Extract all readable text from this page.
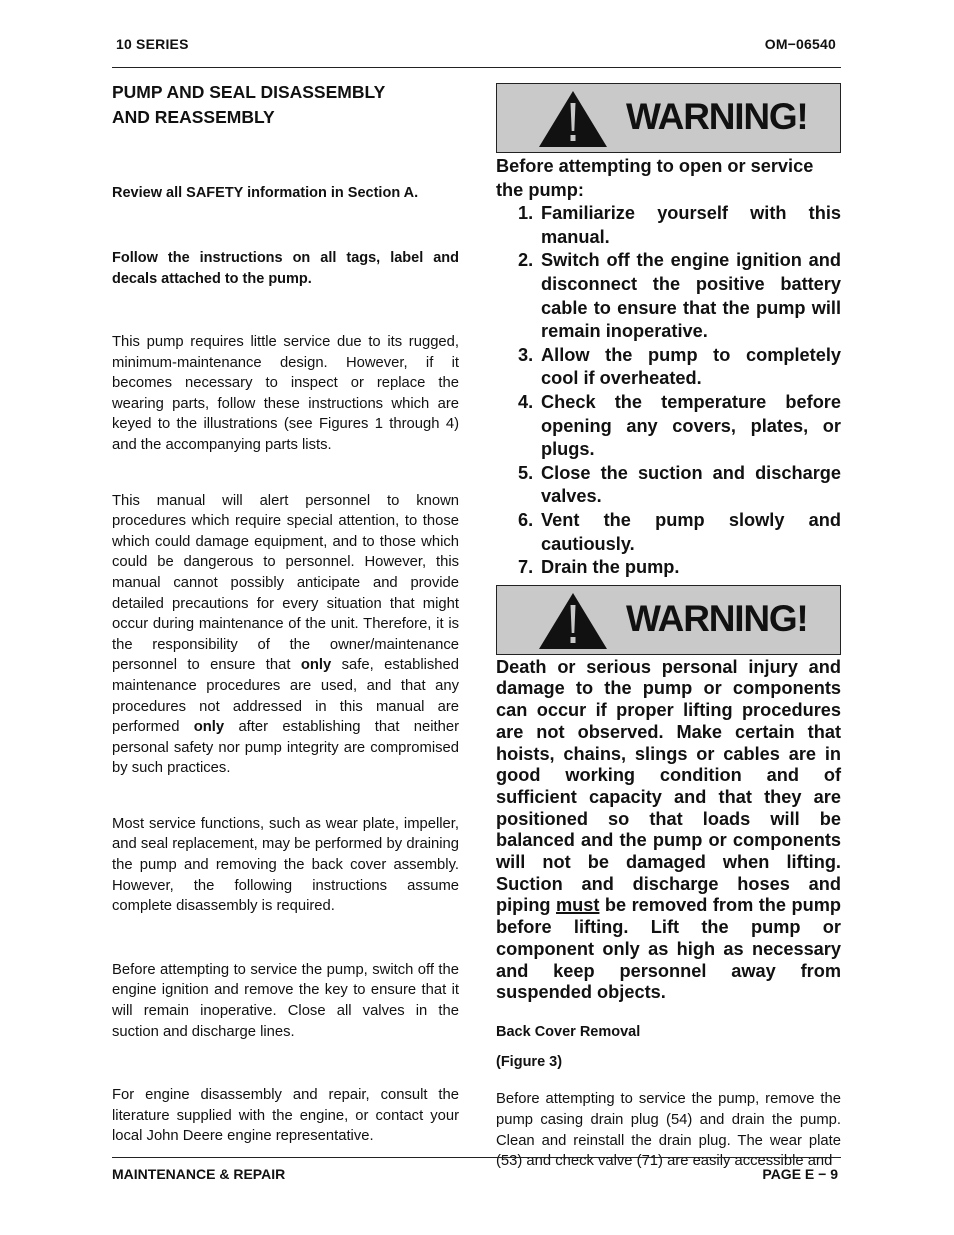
10 SERIES	OM−06540

PUMP AND SEAL DISASSEMBLY

AND REASSEMBLY

Review all SAFETY information in Section A.

Follow the instructions on all tags, label and decals attached to the pump.

This pump requires little service due to its rugged, minimum-maintenance design. However, if it becomes necessary to inspect or replace the wearing parts, follow these instructions which are keyed to the illustrations (see Figures 1 through 4) and the accompanying parts lists.

This manual will alert personnel to known procedures which require special attention, to those which could damage equipment, and to those which could be dangerous to personnel. However, this manual cannot possibly anticipate and provide detailed precautions for every situation that might occur during maintenance of the unit. Therefore, it is the responsibility of the owner/maintenance personnel to ensure that only safe, established maintenance procedures are used, and that any procedures not addressed in this manual are performed only after establishing that neither personal safety nor pump integrity are compromised by such practices.

Most service functions, such as wear plate, impeller, and seal replacement, may be performed by draining the pump and removing the back cover assembly. However, the following instructions assume complete disassembly is required.

Before attempting to service the pump, switch off the engine ignition and remove the key to ensure that it will remain inoperative. Close all valves in the suction and discharge lines.

For engine disassembly and repair, consult the literature supplied with the engine, or contact your local John Deere engine representative.

WARNING!

Before attempting to open or service the pump:

1. Familiarize yourself with this manual.
2. Switch off the engine ignition and disconnect the positive battery cable to ensure that the pump will remain inoperative.
3. Allow the pump to completely cool if overheated.
4. Check the temperature before opening any covers, plates, or plugs.
5. Close the suction and discharge valves.
6. Vent the pump slowly and cautiously.
7. Drain the pump.
WARNING!

Death or serious personal injury and damage to the pump or components can occur if proper lifting procedures are not observed. Make certain that hoists, chains, slings or cables are in good working condition and of sufficient capacity and that they are positioned so that loads will be balanced and the pump or components will not be damaged when lifting. Suction and discharge hoses and piping must be removed from the pump before lifting. Lift the pump or component only as high as necessary and keep personnel away from suspended objects.

Back Cover Removal

(Figure 3)

Before attempting to service the pump, remove the pump casing drain plug (54) and drain the pump. Clean and reinstall the drain plug. The wear plate (53) and check valve (71) are easily accessible and

MAINTENANCE & REPAIR	PAGE E − 9
